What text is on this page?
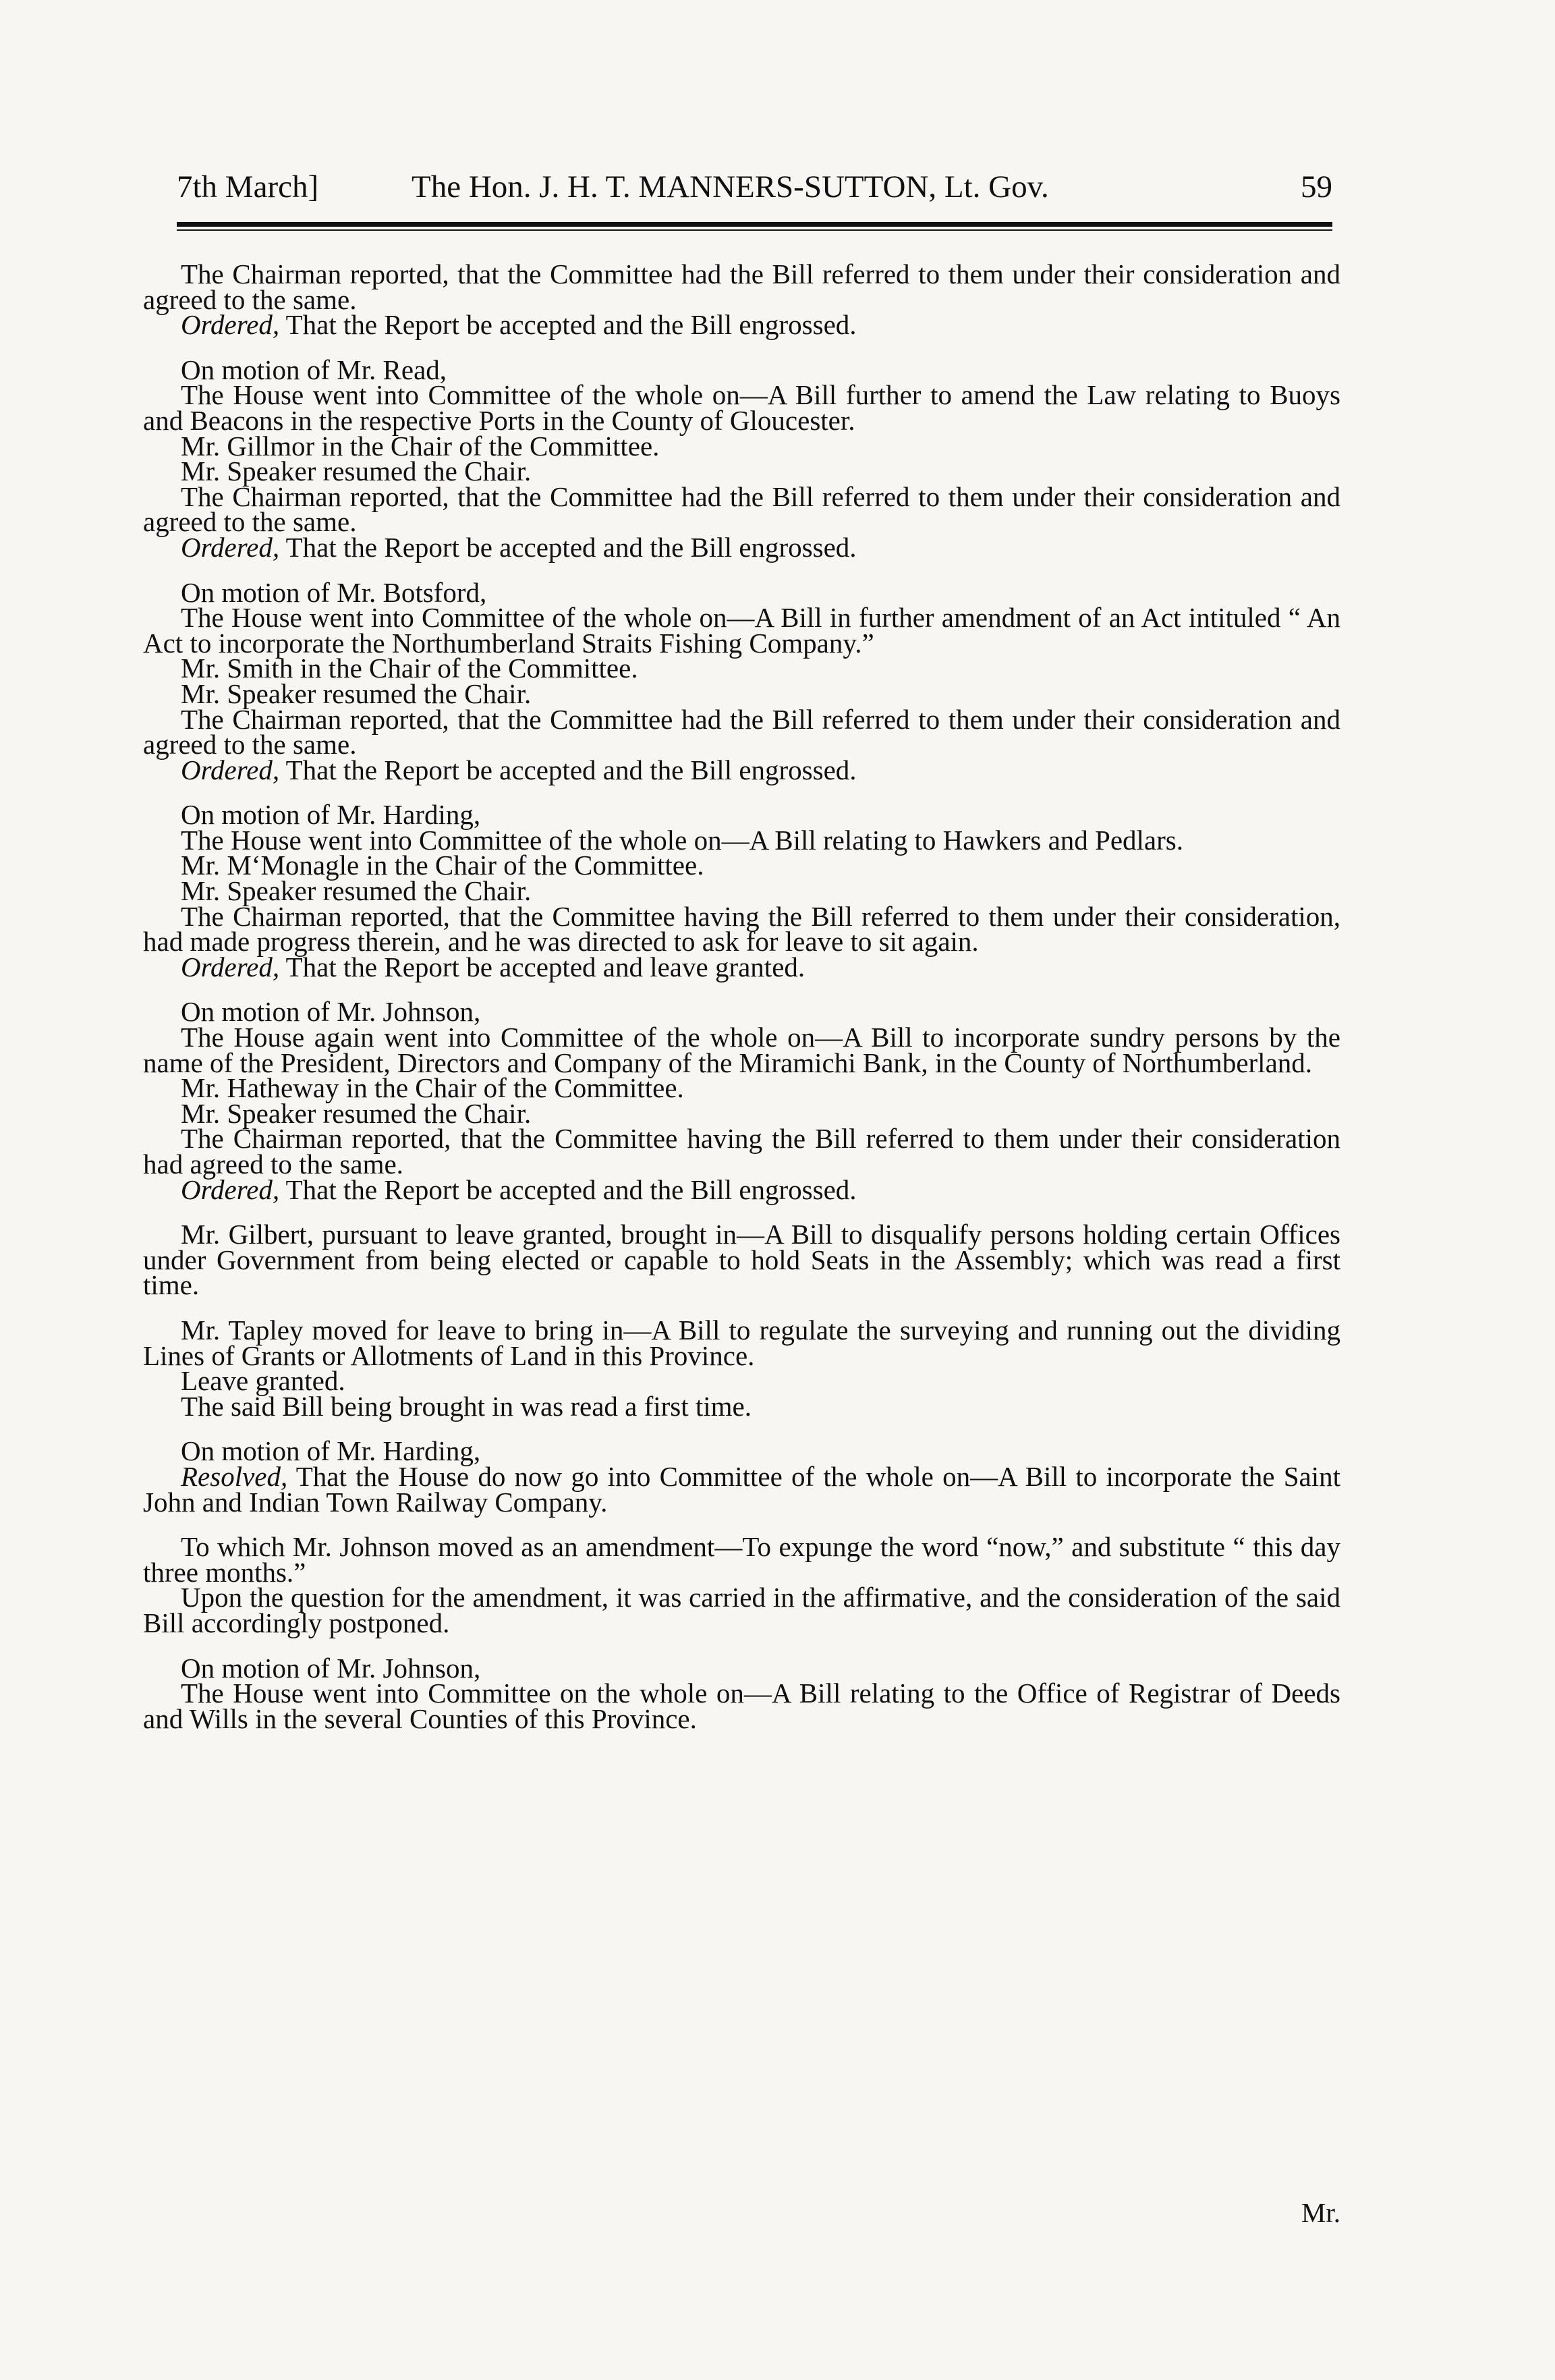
7th March]	The Hon. J. H. T. MANNERS-SUTTON, Lt. Gov.	59

The Chairman reported, that the Committee had the Bill referred to them under their consideration and agreed to the same.

Ordered, That the Report be accepted and the Bill engrossed.

On motion of Mr. Read,

The House went into Committee of the whole on—A Bill further to amend the Law relating to Buoys and Beacons in the respective Ports in the County of Gloucester.

Mr. Gillmor in the Chair of the Committee.

Mr. Speaker resumed the Chair.

The Chairman reported, that the Committee had the Bill referred to them under their consideration and agreed to the same.

Ordered, That the Report be accepted and the Bill engrossed.

On motion of Mr. Botsford,

The House went into Committee of the whole on—A Bill in further amendment of an Act intituled “ An Act to incorporate the Northumberland Straits Fishing Company.”

Mr. Smith in the Chair of the Committee.

Mr. Speaker resumed the Chair.

The Chairman reported, that the Committee had the Bill referred to them under their consideration and agreed to the same.

Ordered, That the Report be accepted and the Bill engrossed.

On motion of Mr. Harding,

The House went into Committee of the whole on—A Bill relating to Hawkers and Pedlars.

Mr. M‘Monagle in the Chair of the Committee.

Mr. Speaker resumed the Chair.

The Chairman reported, that the Committee having the Bill referred to them under their consideration, had made progress therein, and he was directed to ask for leave to sit again.

Ordered, That the Report be accepted and leave granted.

On motion of Mr. Johnson,

The House again went into Committee of the whole on—A Bill to incorporate sundry persons by the name of the President, Directors and Company of the Miramichi Bank, in the County of Northumberland.

Mr. Hatheway in the Chair of the Committee.

Mr. Speaker resumed the Chair.

The Chairman reported, that the Committee having the Bill referred to them under their consideration had agreed to the same.

Ordered, That the Report be accepted and the Bill engrossed.

Mr. Gilbert, pursuant to leave granted, brought in—A Bill to disqualify persons holding certain Offices under Government from being elected or capable to hold Seats in the Assembly; which was read a first time.

Mr. Tapley moved for leave to bring in—A Bill to regulate the surveying and running out the dividing Lines of Grants or Allotments of Land in this Province.

Leave granted.

The said Bill being brought in was read a first time.

On motion of Mr. Harding,

Resolved, That the House do now go into Committee of the whole on—A Bill to incorporate the Saint John and Indian Town Railway Company.

To which Mr. Johnson moved as an amendment—To expunge the word “now,” and substitute “ this day three months.”

Upon the question for the amendment, it was carried in the affirmative, and the consideration of the said Bill accordingly postponed.

On motion of Mr. Johnson,

The House went into Committee on the whole on—A Bill relating to the Office of Registrar of Deeds and Wills in the several Counties of this Province.

Mr.
